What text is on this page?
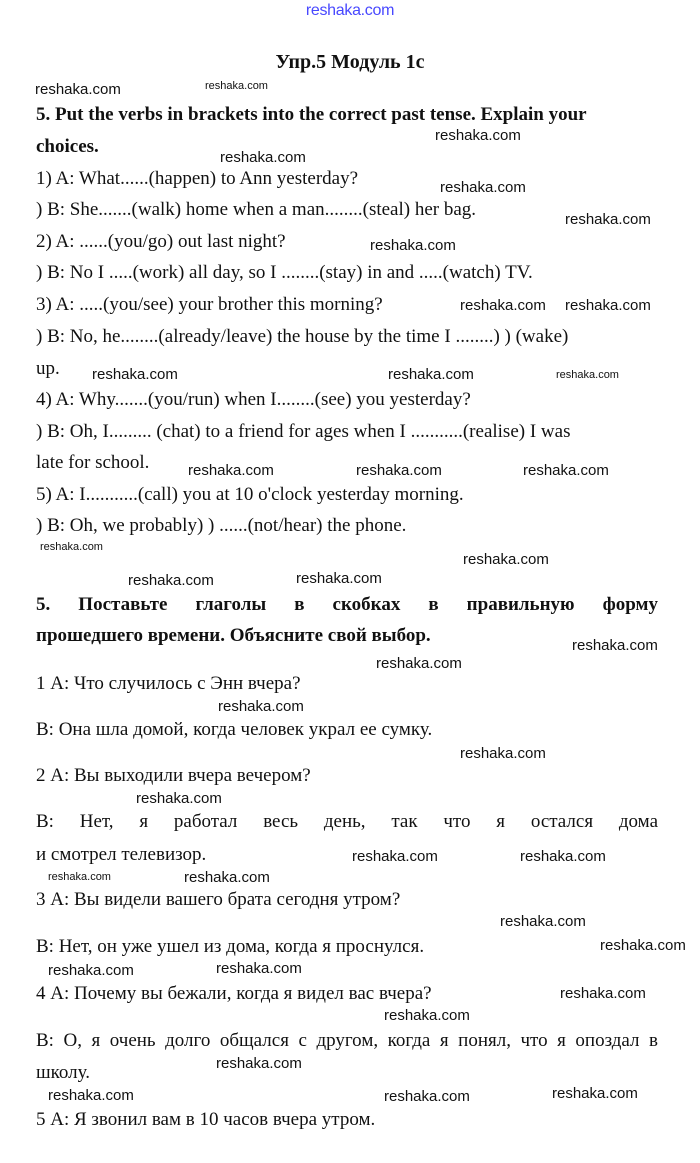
reshaka.com
Упр.5 Модуль 1с
5. Put the verbs in brackets into the correct past tense. Explain your
choices.
1) A: What......(happen) to Ann yesterday?
) B: She.......(walk) home when a man........(steal) her bag.
2) A: ......(you/go) out last night?
) B: No I .....(work) all day, so I ........(stay) in and .....(watch) TV.
3) A: .....(you/see) your brother this morning?
) B: No, he........(already/leave) the house by the time I ........) ) (wake)
up.
4) A: Why.......(you/run) when I........(see) you yesterday?
) B: Oh, I......... (chat) to a friend for ages when I ...........(realise) I was
late for school.
5) A: I...........(call) you at 10 o'clock yesterday morning.
) B: Oh, we probably) ) ......(not/hear) the phone.
5. Поставьте глаголы в скобках в правильную форму
прошедшего времени. Объясните свой выбор.
1 А: Что случилось с Энн вчера?
В: Она шла домой, когда человек украл ее сумку.
2 А: Вы выходили вчера вечером?
В: Нет, я работал весь день, так что я остался дома
и смотрел телевизор.
3 А: Вы видели вашего брата сегодня утром?
В: Нет, он уже ушел из дома, когда я проснулся.
4 А: Почему вы бежали, когда я видел вас вчера?
В: О, я очень долго общался с другом, когда я понял, что я опоздал в
школу.
5 А: Я звонил вам в 10 часов вчера утром.
reshaka.com
reshaka.com
reshaka.com
reshaka.com
reshaka.com
reshaka.com
reshaka.com
reshaka.com reshaka.com
reshaka.com	reshaka.com	reshaka.com
reshaka.com	reshaka.com	reshaka.com
reshaka.com
reshaka.com
reshaka.com	reshaka.com
reshaka.com
reshaka.com
reshaka.com
reshaka.com
reshaka.com
reshaka.com
reshaka.com
reshaka.com	reshaka.com
reshaka.com
reshaka.com
reshaka.com
reshaka.com
reshaka.com
reshaka.com
reshaka.com
reshaka.com	reshaka.com
reshaka.com
